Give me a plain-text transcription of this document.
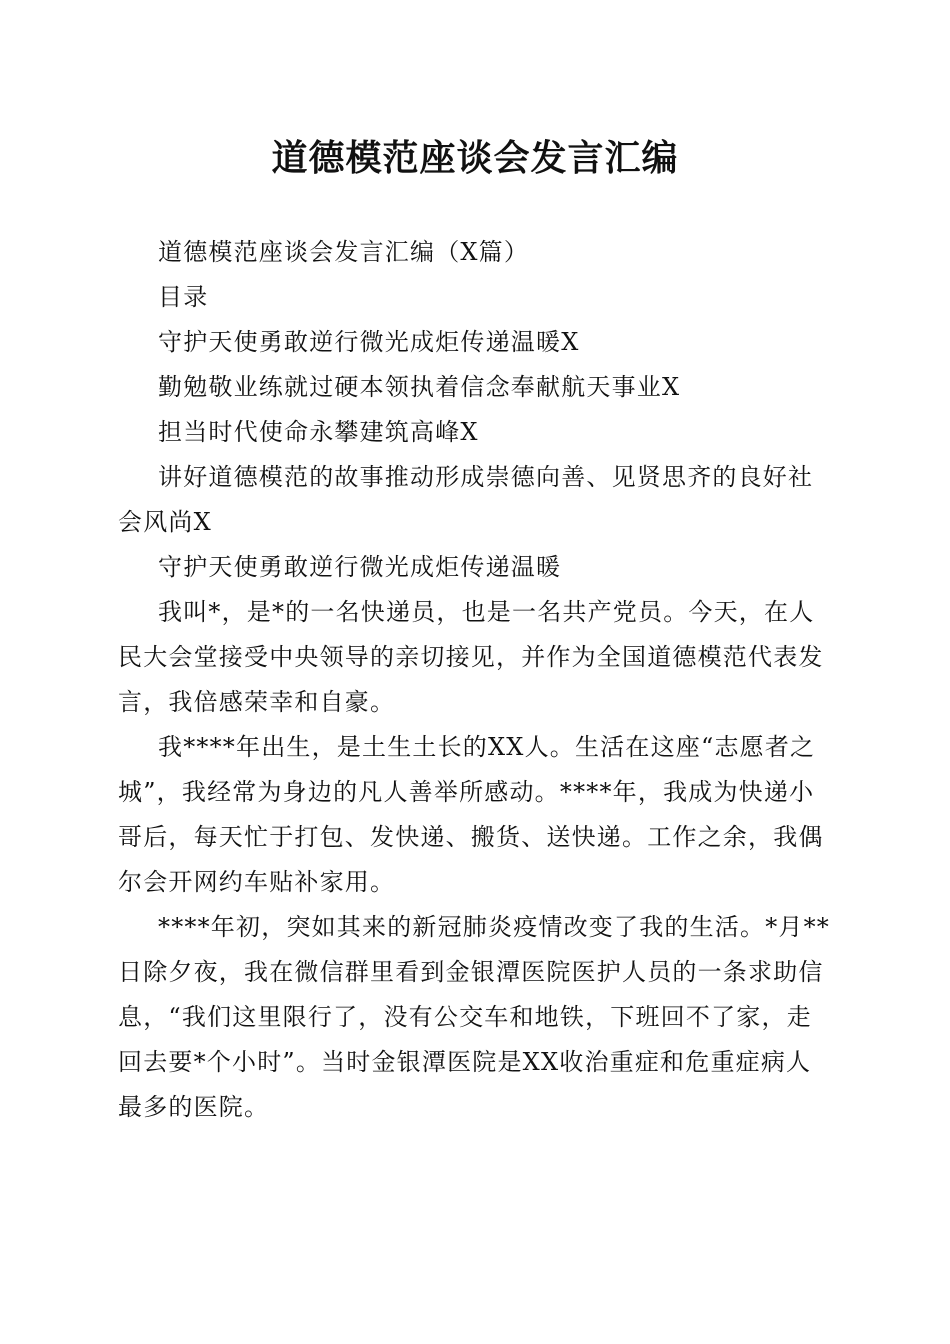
道德模范座谈会发言汇编

道德模范座谈会发言汇编（X篇）

目录

守护天使勇敢逆行微光成炬传递温暖X

勤勉敬业练就过硬本领执着信念奉献航天事业X

担当时代使命永攀建筑高峰X

讲好道德模范的故事推动形成崇德向善、见贤思齐的良好社会风尚X

守护天使勇敢逆行微光成炬传递温暖

我叫*，是*的一名快递员，也是一名共产党员。今天，在人民大会堂接受中央领导的亲切接见，并作为全国道德模范代表发言，我倍感荣幸和自豪。

我****年出生，是土生土长的XX人。生活在这座“志愿者之城”，我经常为身边的凡人善举所感动。****年，我成为快递小哥后，每天忙于打包、发快递、搬货、送快递。工作之余，我偶尔会开网约车贴补家用。

****年初，突如其来的新冠肺炎疫情改变了我的生活。*月**日除夕夜，我在微信群里看到金银潭医院医护人员的一条求助信息，“我们这里限行了，没有公交车和地铁，下班回不了家，走回去要*个小时”。当时金银潭医院是XX收治重症和危重症病人最多的医院。
